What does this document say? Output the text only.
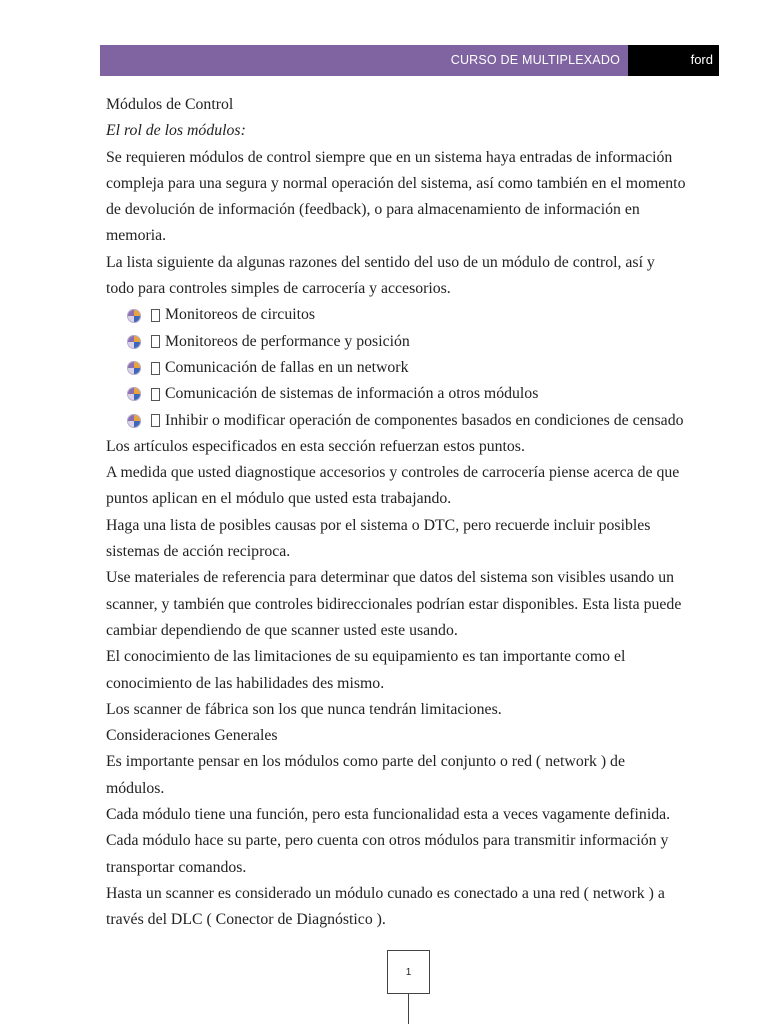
CURSO DE MULTIPLEXADO	ford

Módulos de Control

El rol de los módulos:

Se requieren módulos de control siempre que en un sistema haya entradas de información compleja para una segura y normal operación del sistema, así como también en el momento de devolución de información (feedback), o para almacenamiento de información en memoria.

La lista siguiente da algunas razones del sentido del uso de un módulo de control, así y todo para controles simples de carrocería y accesorios.

Monitoreos de circuitos
Monitoreos de performance y posición
Comunicación de fallas en un network
Comunicación de sistemas de información a otros módulos
Inhibir o modificar operación de componentes basados en condiciones de censado

Los artículos especificados en esta sección refuerzan estos puntos.

A medida que usted diagnostique accesorios y controles de carrocería piense acerca de que puntos aplican en el módulo que usted esta trabajando.

Haga una lista de posibles causas por el sistema o DTC, pero recuerde incluir posibles sistemas de acción reciproca.

Use materiales de referencia para determinar que datos del sistema son visibles usando un scanner, y también que controles bidireccionales podrían estar disponibles. Esta lista puede cambiar dependiendo de que scanner usted este usando.

El conocimiento de las limitaciones de su equipamiento es tan importante como el conocimiento de las habilidades des mismo.

Los scanner de fábrica son los que nunca tendrán limitaciones.

Consideraciones Generales

Es importante pensar en los módulos como parte del conjunto o red ( network ) de módulos.

Cada módulo tiene una función, pero esta funcionalidad esta a veces vagamente definida.

Cada módulo hace su parte, pero cuenta con otros módulos para transmitir información y transportar comandos.

Hasta un scanner es considerado un módulo cunado es conectado a una red ( network ) a través del DLC ( Conector de Diagnóstico ).

1
